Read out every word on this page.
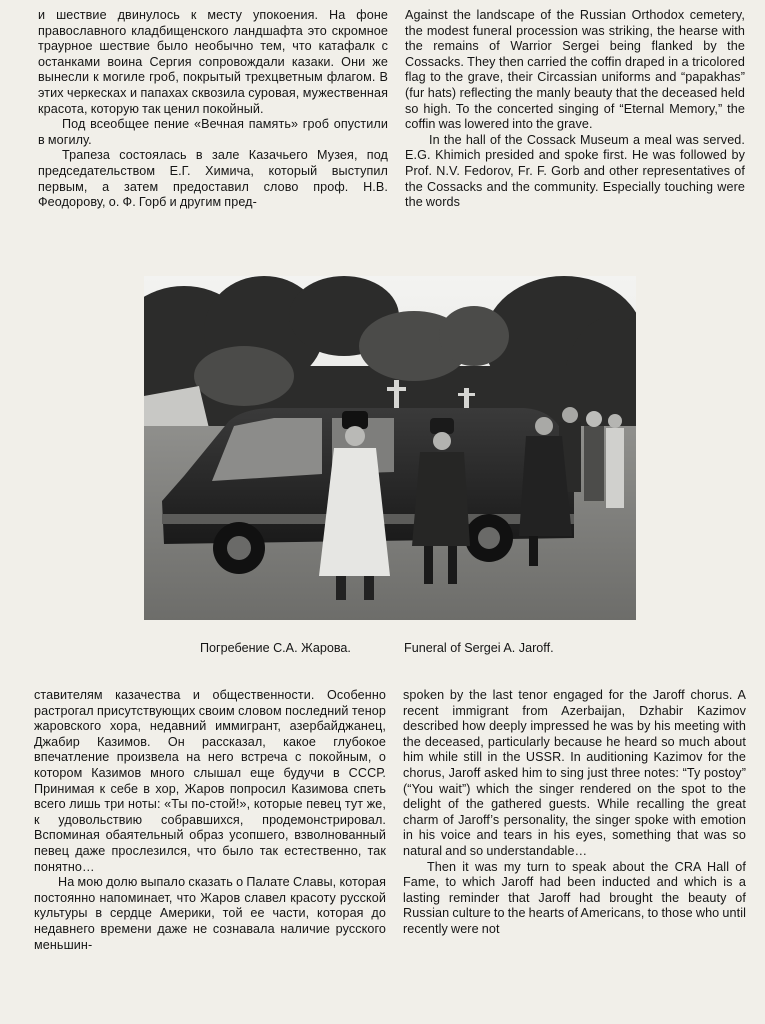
и шествие двинулось к месту упокоения. На фоне православного кладбищенского ландшафта это скромное траурное шествие было необычно тем, что катафалк с останками воина Сергия сопровождали казаки. Они же вынесли к могиле гроб, покрытый трехцветным флагом. В этих черкесках и папахах сквозила суровая, мужественная красота, которую так ценил покойный.

Под всеобщее пение «Вечная память» гроб опустили в могилу.

Трапеза состоялась в зале Казачьего Музея, под председательством Е.Г. Химича, который выступил первым, а затем предоставил слово проф. Н.В. Феодорову, о. Ф. Горб и другим пред-

Against the landscape of the Russian Orthodox cemetery, the modest funeral procession was striking, the hearse with the remains of Warrior Sergei being flanked by the Cossacks. They then carried the coffin draped in a tricolored flag to the grave, their Circassian uniforms and “papakhas” (fur hats) reflecting the manly beauty that the deceased held so high. To the concerted singing of “Eternal Memory,” the coffin was lowered into the grave.

In the hall of the Cossack Museum a meal was served. E.G. Khimich presided and spoke first. He was followed by Prof. N.V. Fedorov, Fr. F. Gorb and other representatives of the Cossacks and the community. Especially touching were the words

Погребение С.А. Жарова.	Funeral of Sergei A. Jaroff.

ставителям казачества и общественности. Особенно растрогал присутствующих своим словом последний тенор жаровского хора, недавний иммигрант, азербайджанец, Джабир Казимов. Он рассказал, какое глубокое впечатление произвела на него встреча с покойным, о котором Казимов много слышал еще будучи в СССР. Принимая к себе в хор, Жаров попросил Казимова спеть всего лишь три ноты: «Ты по-стой!», которые певец тут же, к удовольствию собравшихся, продемонстрировал. Вспоминая обаятельный образ усопшего, взволнованный певец даже прослезился, что было так естественно, так понятно…

На мою долю выпало сказать о Палате Славы, которая постоянно напоминает, что Жаров славел красоту русской культуры в сердце Америки, той ее части, которая до недавнего времени даже не сознавала наличие русского меньшин-

spoken by the last tenor engaged for the Jaroff chorus. A recent immigrant from Azerbaijan, Dzhabir Kazimov described how deeply impressed he was by his meeting with the deceased, particularly because he heard so much about him while still in the USSR. In auditioning Kazimov for the chorus, Jaroff asked him to sing just three notes: “Ty postoy” (“You wait”) which the singer rendered on the spot to the delight of the gathered guests. While recalling the great charm of Jaroff’s personality, the singer spoke with emotion in his voice and tears in his eyes, something that was so natural and so understandable…

Then it was my turn to speak about the CRA Hall of Fame, to which Jaroff had been inducted and which is a lasting reminder that Jaroff had brought the beauty of Russian culture to the hearts of Americans, to those who until recently were not
